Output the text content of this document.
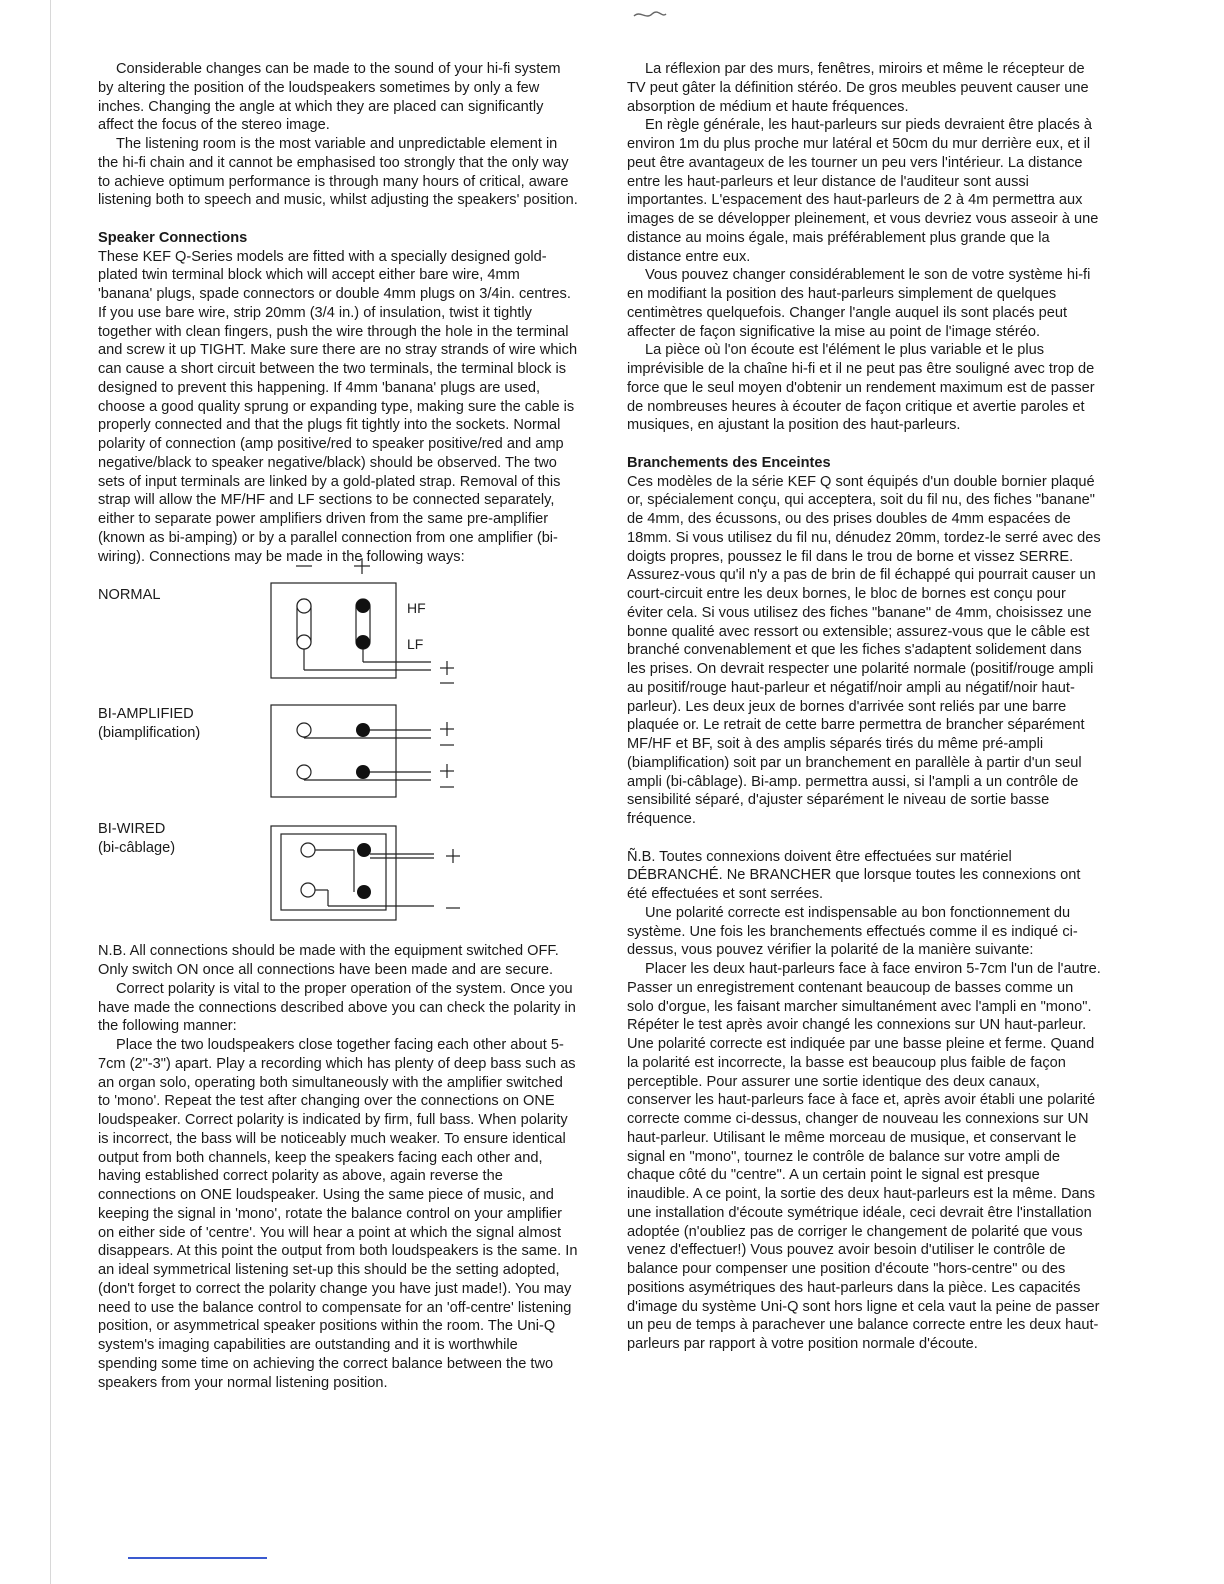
Considerable changes can be made to the sound of your hi-fi system by altering the position of the loudspeakers sometimes by only a few inches. Changing the angle at which they are placed can significantly affect the focus of the stereo image.

The listening room is the most variable and unpredictable element in the hi-fi chain and it cannot be emphasised too strongly that the only way to achieve optimum performance is through many hours of critical, aware listening both to speech and music, whilst adjusting the speakers' position.

Speaker Connections

These KEF Q-Series models are fitted with a specially designed gold-plated twin terminal block which will accept either bare wire, 4mm 'banana' plugs, spade connectors or double 4mm plugs on 3/4in. centres. If you use bare wire, strip 20mm (3/4 in.) of insulation, twist it tightly together with clean fingers, push the wire through the hole in the terminal and screw it up TIGHT. Make sure there are no stray strands of wire which can cause a short circuit between the two terminals, the terminal block is designed to prevent this happening. If 4mm 'banana' plugs are used, choose a good quality sprung or expanding type, making sure the cable is properly connected and that the plugs fit tightly into the sockets. Normal polarity of connection (amp positive/red to speaker positive/red and amp negative/black to speaker negative/black) should be observed. The two sets of input terminals are linked by a gold-plated strap. Removal of this strap will allow the MF/HF and LF sections to be connected separately, either to separate power amplifiers driven from the same pre-amplifier (known as bi-amping) or by a parallel connection from one amplifier (bi-wiring). Connections may be made in the following ways:

NORMAL
BI-AMPLIFIED
(biamplification)
BI-WIRED
(bi-câblage)
HF
LF

N.B. All connections should be made with the equipment switched OFF. Only switch ON once all connections have been made and are secure.

Correct polarity is vital to the proper operation of the system. Once you have made the connections described above you can check the polarity in the following manner:

Place the two loudspeakers close together facing each other about 5-7cm (2"-3") apart. Play a recording which has plenty of deep bass such as an organ solo, operating both simultaneously with the amplifier switched to 'mono'. Repeat the test after changing over the connections on ONE loudspeaker. Correct polarity is indicated by firm, full bass. When polarity is incorrect, the bass will be noticeably much weaker. To ensure identical output from both channels, keep the speakers facing each other and, having established correct polarity as above, again reverse the connections on ONE loudspeaker. Using the same piece of music, and keeping the signal in 'mono', rotate the balance control on your amplifier on either side of 'centre'. You will hear a point at which the signal almost disappears. At this point the output from both loudspeakers is the same. In an ideal symmetrical listening set-up this should be the setting adopted, (don't forget to correct the polarity change you have just made!). You may need to use the balance control to compensate for an 'off-centre' listening position, or asymmetrical speaker positions within the room. The Uni-Q system's imaging capabilities are outstanding and it is worthwhile spending some time on achieving the correct balance between the two speakers from your normal listening position.

La réflexion par des murs, fenêtres, miroirs et même le récepteur de TV peut gâter la définition stéréo. De gros meubles peuvent causer une absorption de médium et haute fréquences.

En règle générale, les haut-parleurs sur pieds devraient être placés à environ 1m du plus proche mur latéral et 50cm du mur derrière eux, et il peut être avantageux de les tourner un peu vers l'intérieur. La distance entre les haut-parleurs et leur distance de l'auditeur sont aussi importantes. L'espacement des haut-parleurs de 2 à 4m permettra aux images de se développer pleinement, et vous devriez vous asseoir à une distance au moins égale, mais préférablement plus grande que la distance entre eux.

Vous pouvez changer considérablement le son de votre système hi-fi en modifiant la position des haut-parleurs simplement de quelques centimètres quelquefois. Changer l'angle auquel ils sont placés peut affecter de façon significative la mise au point de l'image stéréo.

La pièce où l'on écoute est l'élément le plus variable et le plus imprévisible de la chaîne hi-fi et il ne peut pas être souligné avec trop de force que le seul moyen d'obtenir un rendement maximum est de passer de nombreuses heures à écouter de façon critique et avertie paroles et musiques, en ajustant la position des haut-parleurs.

Branchements des Enceintes

Ces modèles de la série KEF Q sont équipés d'un double bornier plaqué or, spécialement conçu, qui acceptera, soit du fil nu, des fiches "banane" de 4mm, des écussons, ou des prises doubles de 4mm espacées de 18mm. Si vous utilisez du fil nu, dénudez 20mm, tordez-le serré avec des doigts propres, poussez le fil dans le trou de borne et vissez SERRE. Assurez-vous qu'il n'y a pas de brin de fil échappé qui pourrait causer un court-circuit entre les deux bornes, le bloc de bornes est conçu pour éviter cela. Si vous utilisez des fiches "banane" de 4mm, choisissez une bonne qualité avec ressort ou extensible; assurez-vous que le câble est branché convenablement et que les fiches s'adaptent solidement dans les prises. On devrait respecter une polarité normale (positif/rouge ampli au positif/rouge haut-parleur et négatif/noir ampli au négatif/noir haut-parleur). Les deux jeux de bornes d'arrivée sont reliés par une barre plaquée or. Le retrait de cette barre permettra de brancher séparément MF/HF et BF, soit à des amplis séparés tirés du même pré-ampli (biamplification) soit par un branchement en parallèle à partir d'un seul ampli (bi-câblage). Bi-amp. permettra aussi, si l'ampli a un contrôle de sensibilité séparé, d'ajuster séparément le niveau de sortie basse fréquence.

Ñ.B. Toutes connexions doivent être effectuées sur matériel DÉBRANCHÉ. Ne BRANCHER que lorsque toutes les connexions ont été effectuées et sont serrées.

Une polarité correcte est indispensable au bon fonctionnement du système. Une fois les branchements effectués comme il es indiqué ci-dessus, vous pouvez vérifier la polarité de la manière suivante:

Placer les deux haut-parleurs face à face environ 5-7cm l'un de l'autre. Passer un enregistrement contenant beaucoup de basses comme un solo d'orgue, les faisant marcher simultanément avec l'ampli en "mono". Répéter le test après avoir changé les connexions sur UN haut-parleur. Une polarité correcte est indiquée par une basse pleine et ferme. Quand la polarité est incorrecte, la basse est beaucoup plus faible de façon perceptible. Pour assurer une sortie identique des deux canaux, conserver les haut-parleurs face à face et, après avoir établi une polarité correcte comme ci-dessus, changer de nouveau les connexions sur UN haut-parleur. Utilisant le même morceau de musique, et conservant le signal en "mono", tournez le contrôle de balance sur votre ampli de chaque côté du "centre". A un certain point le signal est presque inaudible. A ce point, la sortie des deux haut-parleurs est la même. Dans une installation d'écoute symétrique idéale, ceci devrait être l'installation adoptée (n'oubliez pas de corriger le changement de polarité que vous venez d'effectuer!) Vous pouvez avoir besoin d'utiliser le contrôle de balance pour compenser une position d'écoute "hors-centre" ou des positions asymétriques des haut-parleurs dans la pièce. Les capacités d'image du système Uni-Q sont hors ligne et cela vaut la peine de passer un peu de temps à parachever une balance correcte entre les deux haut-parleurs par rapport à votre position normale d'écoute.
